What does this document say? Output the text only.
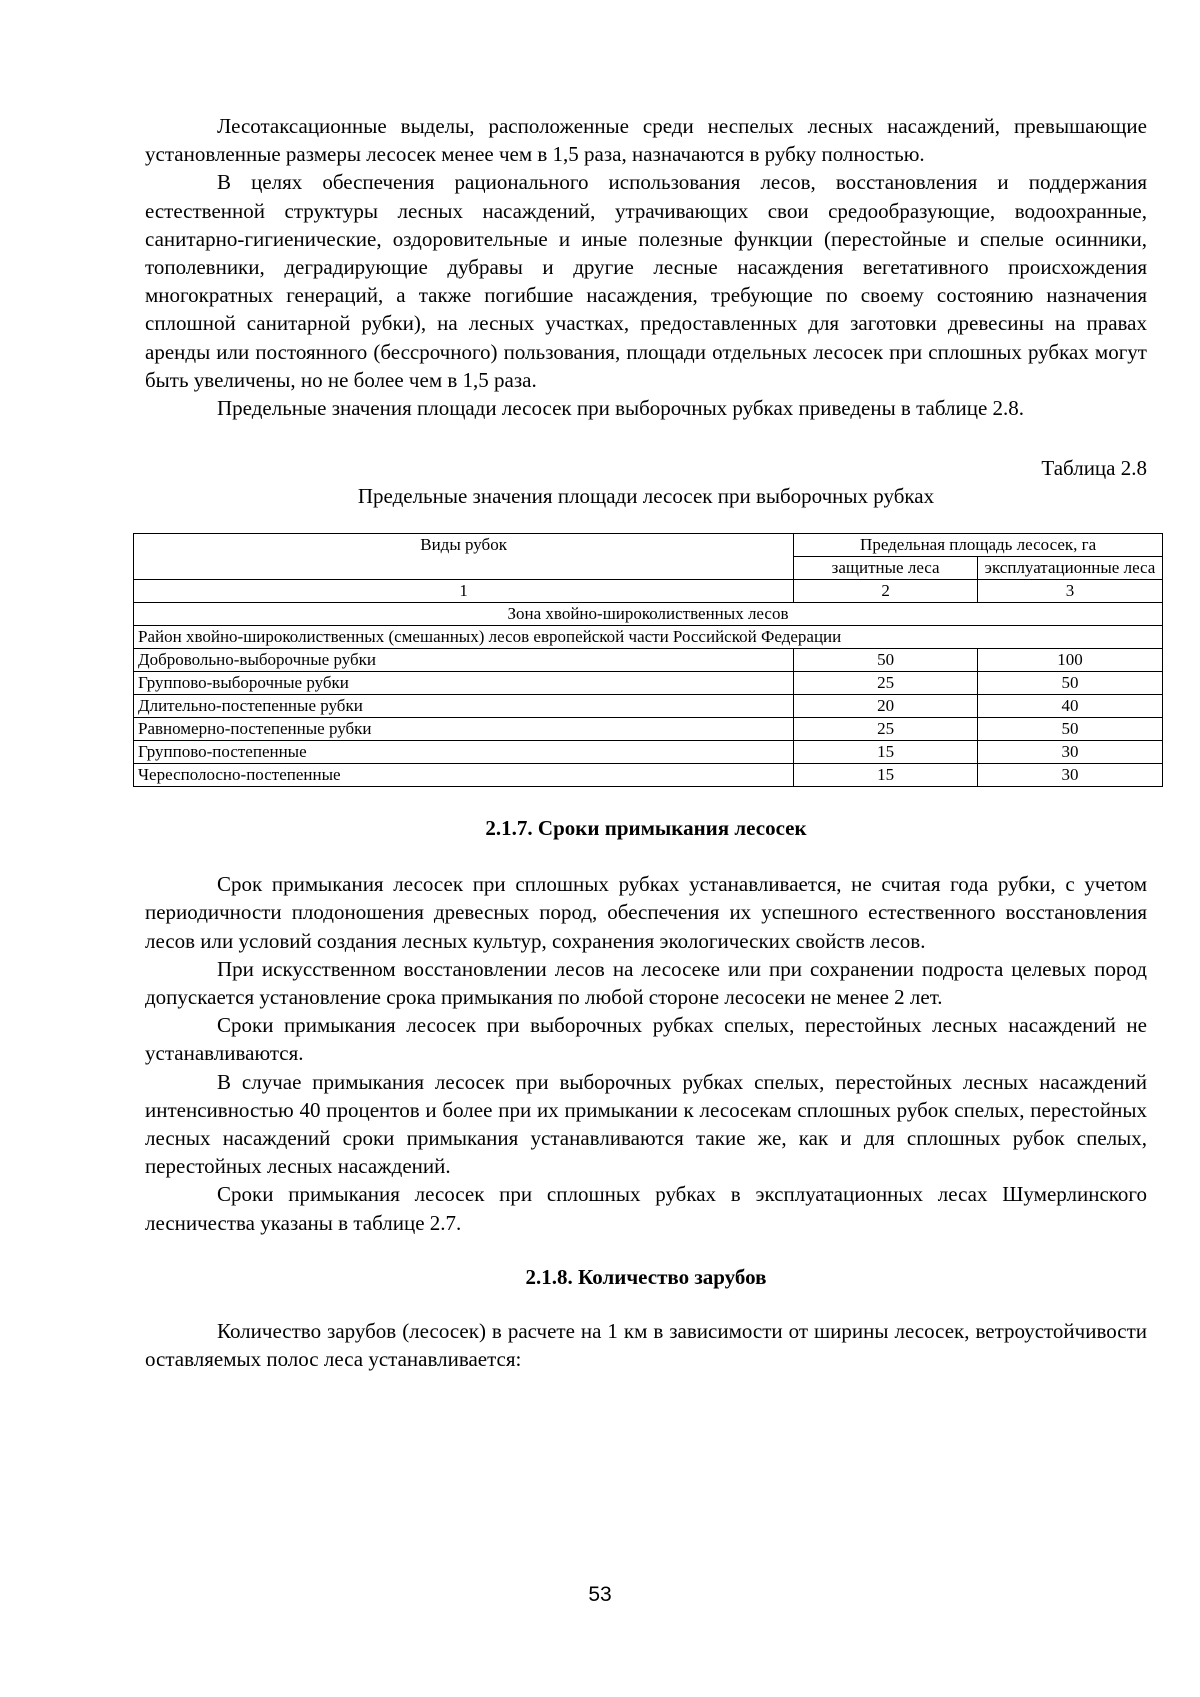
Лесотаксационные выделы, расположенные среди неспелых лесных насаждений, превышающие установленные размеры лесосек менее чем в 1,5 раза, назначаются в рубку полностью.

В целях обеспечения рационального использования лесов, восстановления и поддержания естественной структуры лесных насаждений, утрачивающих свои средообразующие, водоохранные, санитарно-гигиенические, оздоровительные и иные полезные функции (перестойные и спелые осинники, тополевники, деградирующие дубравы и другие лесные насаждения вегетативного происхождения многократных генераций, а также погибшие насаждения, требующие по своему состоянию назначения сплошной санитарной рубки), на лесных участках, предоставленных для заготовки древесины на правах аренды или постоянного (бессрочного) пользования, площади отдельных лесосек при сплошных рубках могут быть увеличены, но не более чем в 1,5 раза.

Предельные значения площади лесосек при выборочных рубках приведены в таблице 2.8.

Таблица 2.8
Предельные значения площади лесосек при выборочных рубках
Виды рубок	Предельная площадь лесосек, га	
	защитные леса	эксплуатационные леса
1	2	3
Зона хвойно-широколиственных лесов		
Район хвойно-широколиственных (смешанных) лесов европейской части Российской Федерации		
Добровольно-выборочные рубки	50	100
Группово-выборочные рубки	25	50
Длительно-постепенные рубки	20	40
Равномерно-постепенные рубки	25	50
Группово-постепенные	15	30
Чересполосно-постепенные	15	30
2.1.7. Сроки примыкания лесосек

Срок примыкания лесосек при сплошных рубках устанавливается, не считая года рубки, с учетом периодичности плодоношения древесных пород, обеспечения их успешного естественного восстановления лесов или условий создания лесных культур, сохранения экологических свойств лесов.

При искусственном восстановлении лесов на лесосеке или при сохранении подроста целевых пород допускается установление срока примыкания по любой стороне лесосеки не менее 2 лет.

Сроки примыкания лесосек при выборочных рубках спелых, перестойных лесных насаждений не устанавливаются.

В случае примыкания лесосек при выборочных рубках спелых, перестойных лесных насаждений интенсивностью 40 процентов и более при их примыкании к лесосекам сплошных рубок спелых, перестойных лесных насаждений сроки примыкания устанавливаются такие же, как и для сплошных рубок спелых, перестойных лесных насаждений.

Сроки примыкания лесосек при сплошных рубках в эксплуатационных лесах Шумерлинского лесничества указаны в таблице 2.7.

2.1.8. Количество зарубов

Количество зарубов (лесосек) в расчете на 1 км в зависимости от ширины лесосек, ветроустойчивости оставляемых полос леса устанавливается:

53
